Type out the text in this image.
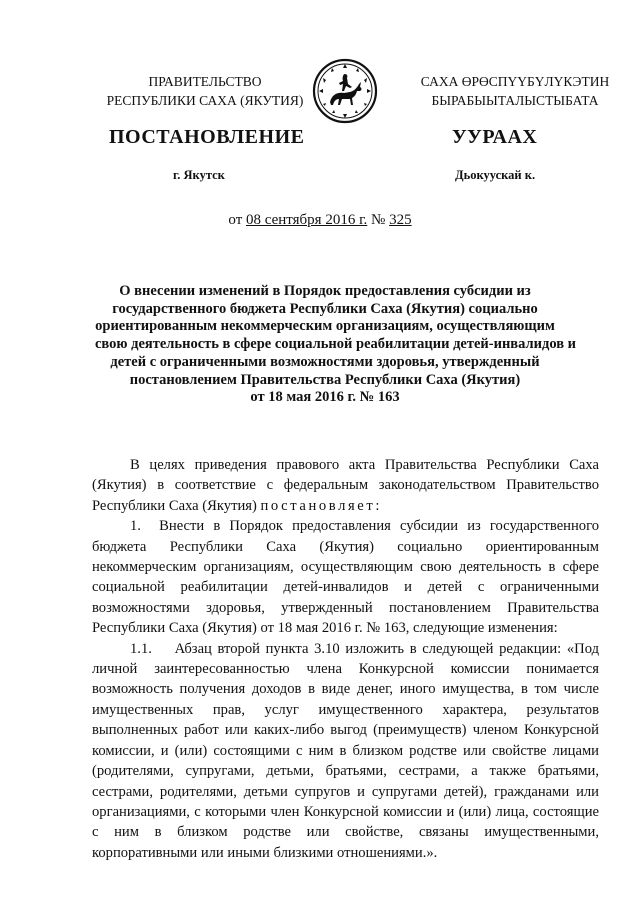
ПРАВИТЕЛЬСТВО
РЕСПУБЛИКИ САХА (ЯКУТИЯ)
САХА ӨРӨСПҮҮБҮЛҮКЭТИН
БЫРАБЫЫТАЛЫСТЫБАТА
ПОСТАНОВЛЕНИЕ	УУРААХ
г. Якутск	Дьокуускай к.
от 08 сентября 2016 г. № 325
О внесении изменений в Порядок предоставления субсидии из
государственного бюджета Республики Саха (Якутия) социально
ориентированным некоммерческим организациям, осуществляющим
свою деятельность в сфере социальной реабилитации детей-инвалидов и
детей с ограниченными возможностями здоровья, утвержденный
постановлением Правительства Республики Саха (Якутия)
от 18 мая 2016 г. № 163

В целях приведения правового акта Правительства Республики Саха (Якутия) в соответствие с федеральным законодательством Правительство Республики Саха (Якутия) постановляет:

1. Внести в Порядок предоставления субсидии из государственного бюджета Республики Саха (Якутия) социально ориентированным некоммерческим организациям, осуществляющим свою деятельность в сфере социальной реабилитации детей-инвалидов и детей с ограниченными возможностями здоровья, утвержденный постановлением Правительства Республики Саха (Якутия) от 18 мая 2016 г. № 163, следующие изменения:

1.1. Абзац второй пункта 3.10 изложить в следующей редакции: «Под личной заинтересованностью члена Конкурсной комиссии понимается возможность получения доходов в виде денег, иного имущества, в том числе имущественных прав, услуг имущественного характера, результатов выполненных работ или каких-либо выгод (преимуществ) членом Конкурсной комиссии, и (или) состоящими с ним в близком родстве или свойстве лицами (родителями, супругами, детьми, братьями, сестрами, а также братьями, сестрами, родителями, детьми супругов и супругами детей), гражданами или организациями, с которыми член Конкурсной комиссии и (или) лица, состоящие с ним в близком родстве или свойстве, связаны имущественными, корпоративными или иными близкими отношениями.».
